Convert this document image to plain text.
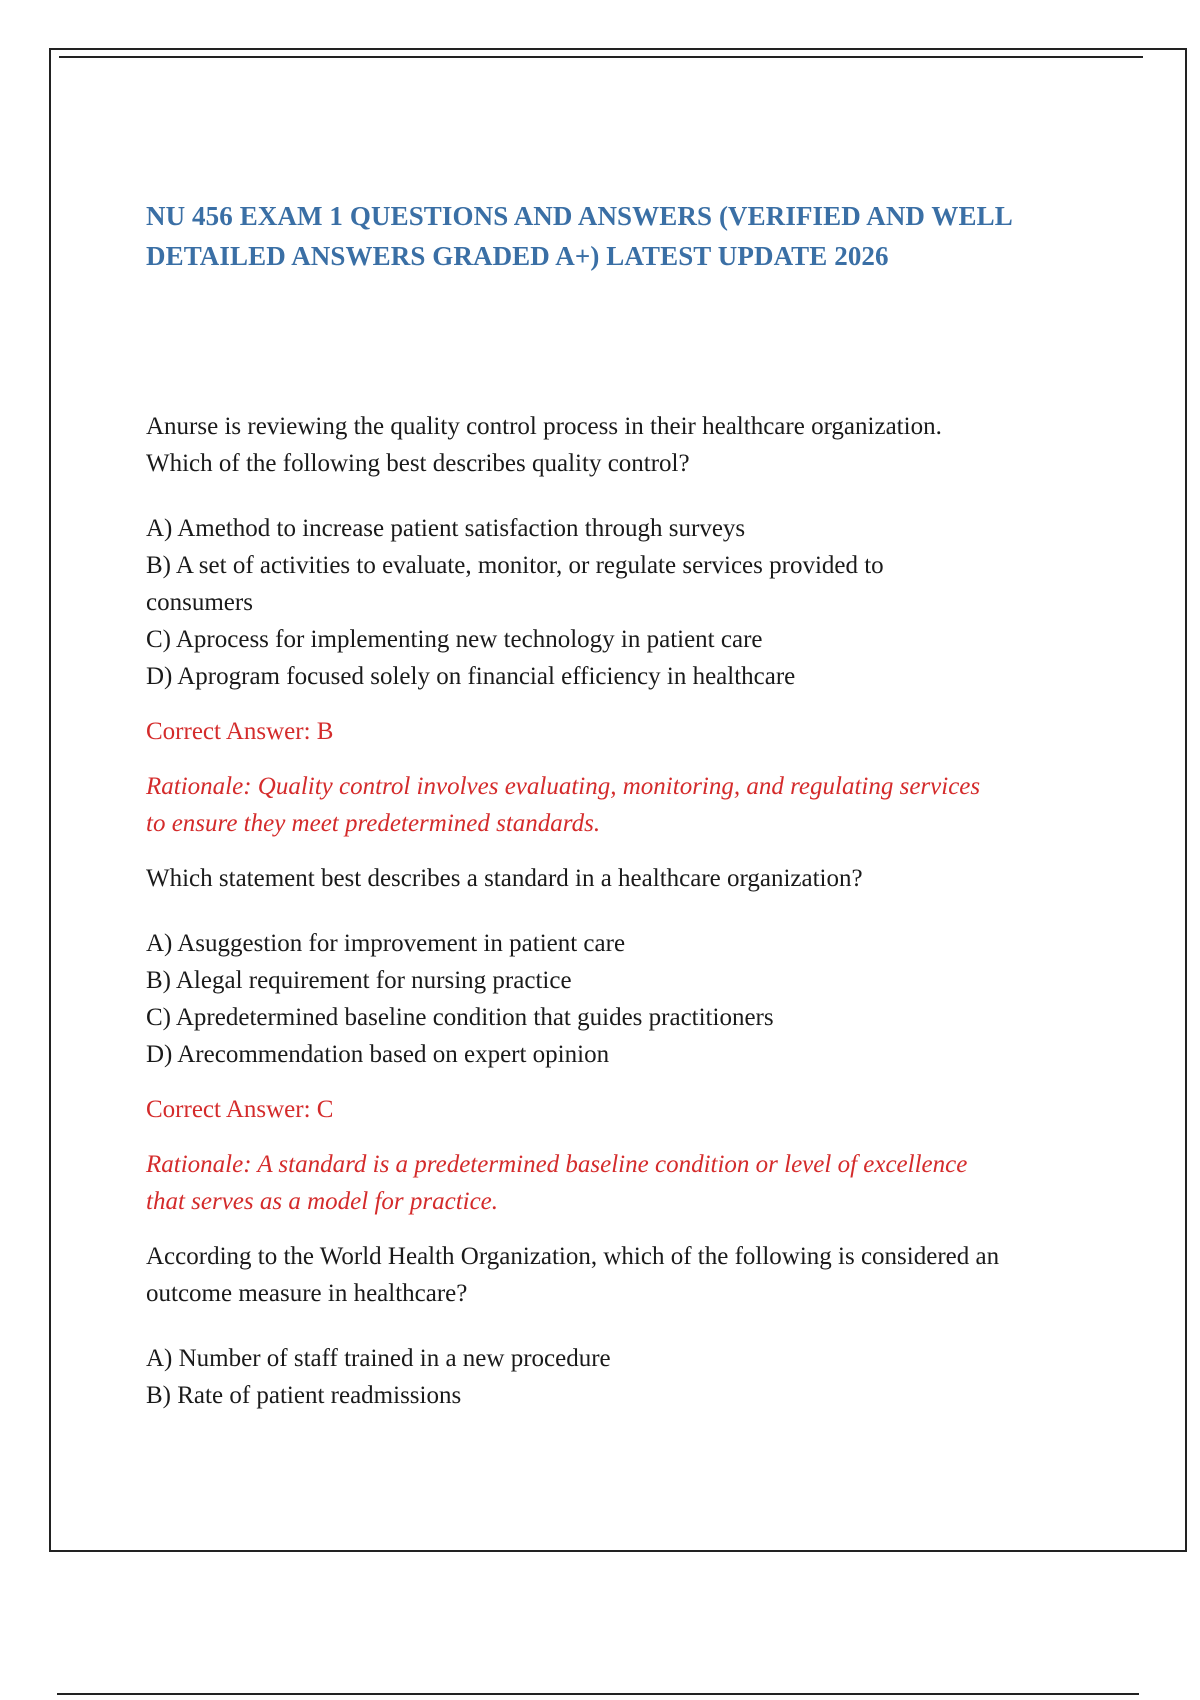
NU 456 EXAM 1 QUESTIONS AND ANSWERS (VERIFIED AND WELL
DETAILED ANSWERS GRADED A+) LATEST UPDATE 2026

Anurse is reviewing the quality control process in their healthcare organization.
Which of the following best describes quality control?

A) Amethod to increase patient satisfaction through surveys
B) A set of activities to evaluate, monitor, or regulate services provided to
consumers
C) Aprocess for implementing new technology in patient care
D) Aprogram focused solely on financial efficiency in healthcare

Correct Answer: B

Rationale: Quality control involves evaluating, monitoring, and regulating services
to ensure they meet predetermined standards.

Which statement best describes a standard in a healthcare organization?

A) Asuggestion for improvement in patient care
B) Alegal requirement for nursing practice
C) Apredetermined baseline condition that guides practitioners
D) Arecommendation based on expert opinion

Correct Answer: C

Rationale: A standard is a predetermined baseline condition or level of excellence
that serves as a model for practice.

According to the World Health Organization, which of the following is considered an
outcome measure in healthcare?

A) Number of staff trained in a new procedure
B) Rate of patient readmissions
